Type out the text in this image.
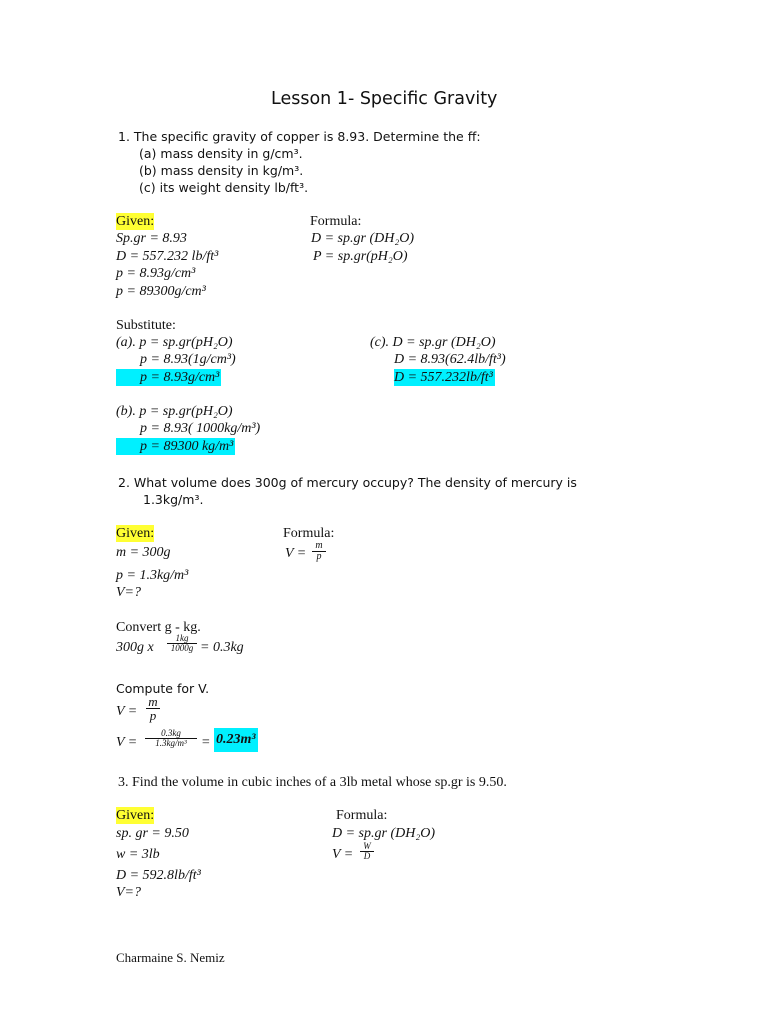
Lesson 1- Specific Gravity
1. The specific gravity of copper is 8.93. Determine the ff:
(a) mass density in g/cm³.
(b) mass density in kg/m³.
(c) its weight density lb/ft³.
Given:
Sp.gr = 8.93
D = 557.232 lb/ft³
p = 8.93g/cm³
p = 89300g/cm³
Formula:
D = sp.gr (DH₂O)
P = sp.gr(pH₂O)
Substitute:
(a). p = sp.gr(pH₂O)
p = 8.93(1g/cm³)
p = 8.93g/cm³
(c). D = sp.gr (DH₂O)
D = 8.93(62.4lb/ft³)
D = 557.232lb/ft³
(b). p = sp.gr(pH₂O)
p = 8.93( 1000kg/m³)
p = 89300 kg/m³
2. What volume does 300g of mercury occupy? The density of mercury is
1.3kg/m³.
Given:
m = 300g
p = 1.3kg/m³
V=?
Formula:
V =
m
p
Convert g - kg.
300g x
1kg
1000g = 0.3kg
Compute for V.
V =
m
p
V =
0.3kg
1.3kg/m³	= 0.23m³
3. Find the volume in cubic inches of a 3lb metal whose sp.gr is 9.50.
Given:
sp. gr = 9.50
w = 3lb
D = 592.8lb/ft³
V=?
Formula:
D = sp.gr (DH₂O)
V =
W
D
Charmaine S. Nemiz
